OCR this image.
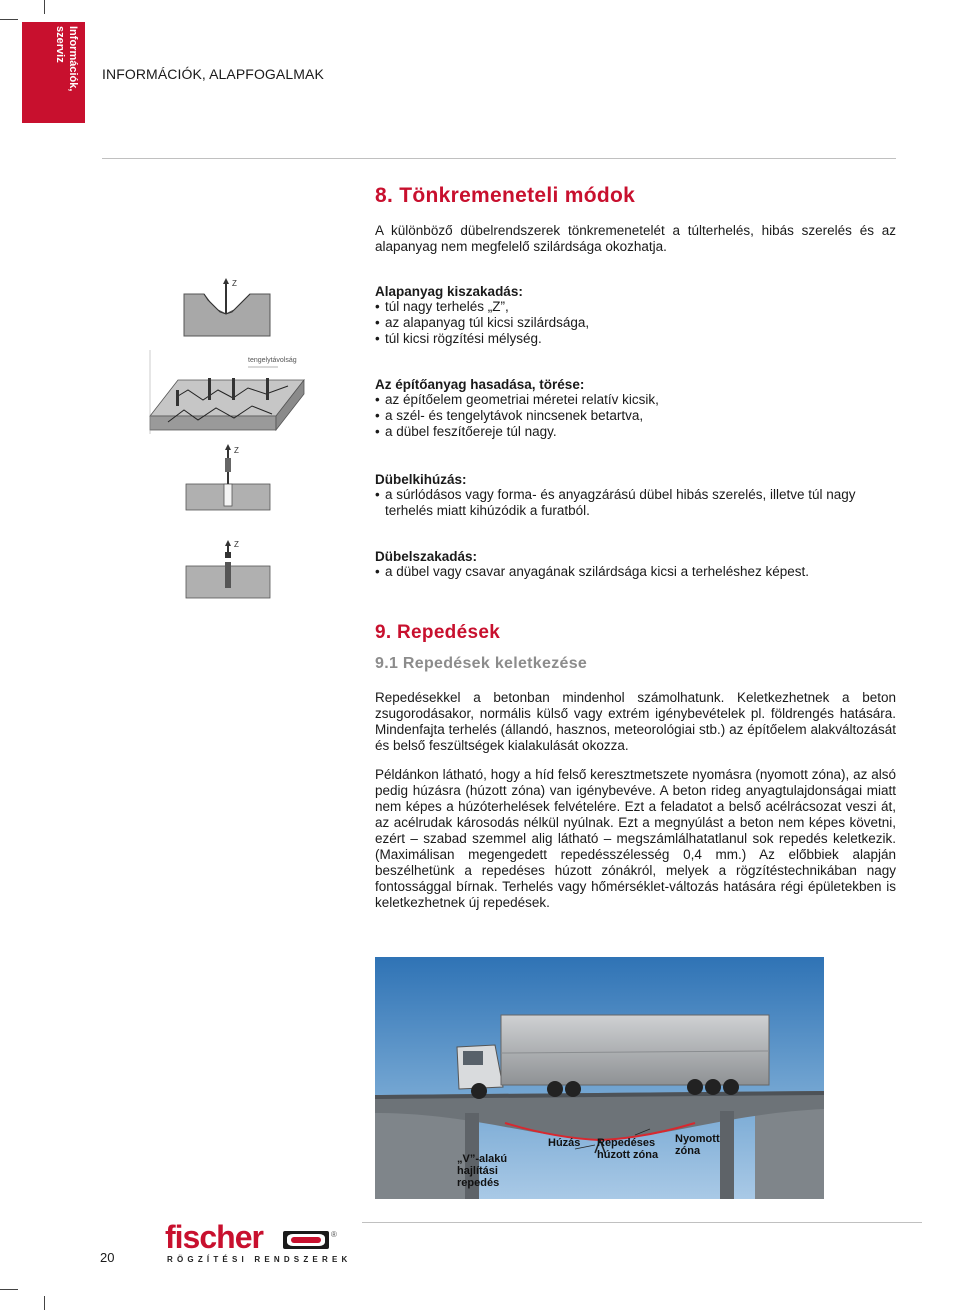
Információk, szerviz
INFORMÁCIÓK, ALAPFOGALMAK
8. Tönkremeneteli módok

A különböző dübelrendszerek tönkremenetelét a túlterhelés, hibás szerelés és az alapanyag nem megfelelő szilárdsága okozhatja.

Alapanyag kiszakadás:
• túl nagy terhelés „Z”,
• az alapanyag túl kicsi szilárdsága,
• túl kicsi rögzítési mélység.
Az építőanyag hasadása, törése:
• az építőelem geometriai méretei relatív kicsik,
• a szél- és tengelytávok nincsenek betartva,
• a dübel feszítőereje túl nagy.
Dübelkihúzás:
• a súrlódásos vagy forma- és anyagzárású dübel hibás szerelés, illetve túl nagy terhelés miatt kihúzódik a furatból.
Dübelszakadás:
• a dübel vagy csavar anyagának szilárdsága kicsi a terheléshez képest.
Z
tengelytávolság
Z
Z
9. Repedések
9.1 Repedések keletkezése

Repedésekkel a betonban mindenhol számolhatunk. Keletkezhetnek a beton zsugorodásakor, normális külső vagy extrém igénybevételek pl. földrengés hatására. Mindenfajta terhelés (állandó, hasznos, meteorológiai stb.) az építőelem alakváltozását és belső feszültségek kialakulását okozza.

Példánkon látható, hogy a híd felső keresztmetszete nyomásra (nyomott zóna), az alsó pedig húzásra (húzott zóna) van igénybevéve. A beton rideg anyagtulajdonságai miatt nem képes a húzóterhelések felvételére. Ezt a feladatot a belső acélrácsozat veszi át, az acélrudak károsodás nélkül nyúlnak. Ezt a megnyúlást a beton nem képes követni, ezért – szabad szemmel alig látható – megszámlálhatatlanul sok repedés keletkezik. (Maximálisan megengedett repedésszélesség 0,4 mm.) Az előbbiek alapján beszélhetünk a repedéses húzott zónákról, melyek a rögzítéstechnikában nagy fontossággal bírnak. Terhelés vagy hőmérséklet-változás hatására régi épületekben is keletkezhetnek új repedések.

„V”-alakú hajlítási repedés
Húzás Repedéses húzott zóna
Nyomott zóna
20
fischer	®
RÖGZÍTÉSI RENDSZEREK
